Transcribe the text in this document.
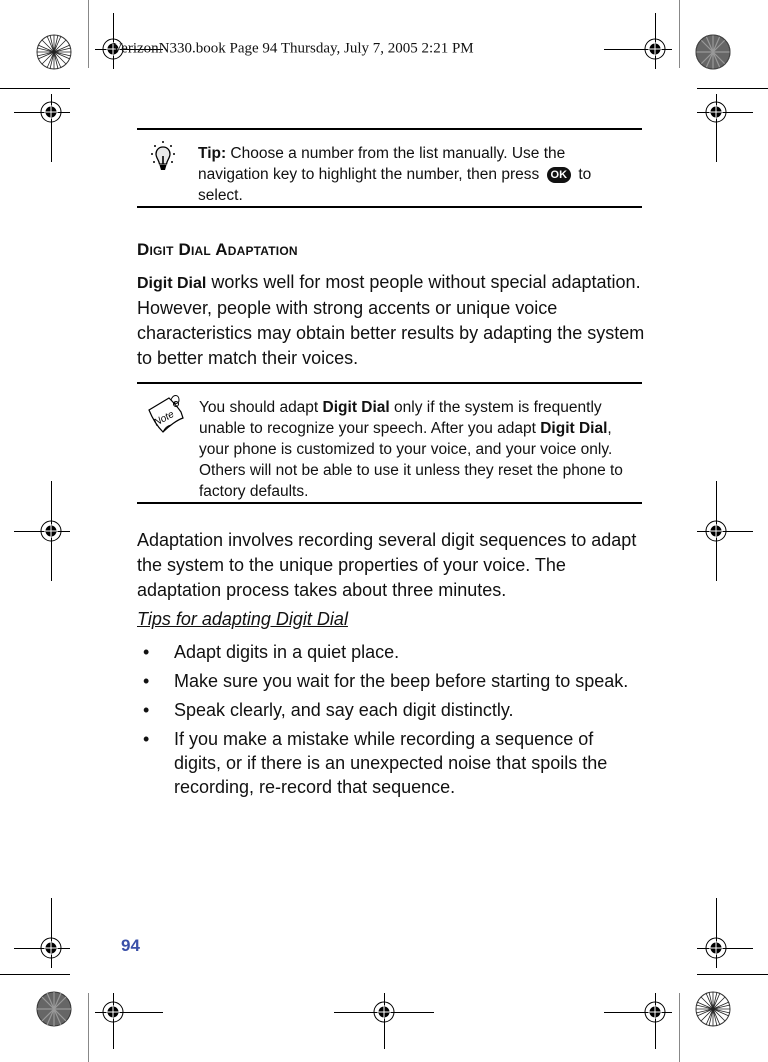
VerizonN330.book Page 94 Thursday, July 7, 2005 2:21 PM
Tip: Choose a number from the list manually. Use the navigation key to highlight the number, then press OK to select.
Digit Dial Adaptation
Digit Dial works well for most people without special adaptation. However, people with strong accents or unique voice characteristics may obtain better results by adapting the system to better match their voices.
Note
You should adapt Digit Dial only if the system is frequently unable to recognize your speech. After you adapt Digit Dial, your phone is customized to your voice, and your voice only. Others will not be able to use it unless they reset the phone to factory defaults.
Adaptation involves recording several digit sequences to adapt the system to the unique properties of your voice. The adaptation process takes about three minutes.
Tips for adapting Digit Dial
• Adapt digits in a quiet place.
• Make sure you wait for the beep before starting to speak.
• Speak clearly, and say each digit distinctly.
• If you make a mistake while recording a sequence of digits, or if there is an unexpected noise that spoils the recording, re-record that sequence.
94
